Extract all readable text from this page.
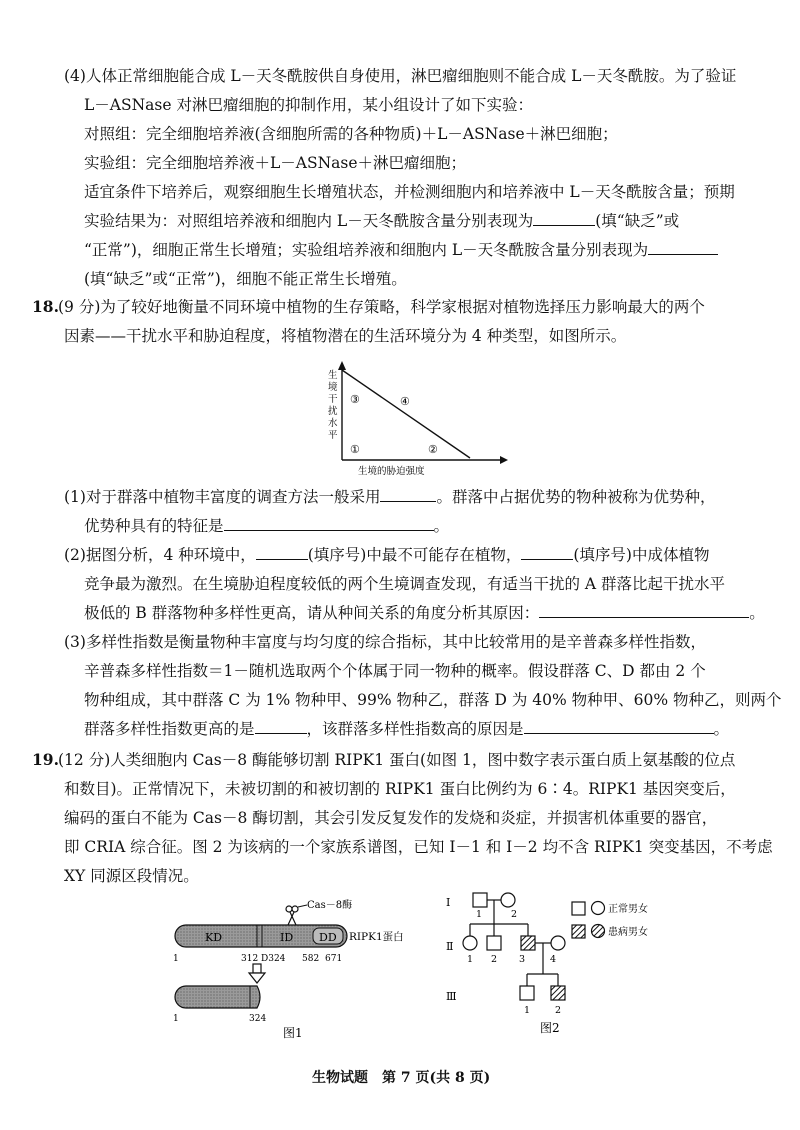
(4)人体正常细胞能合成 L－天冬酰胺供自身使用，淋巴瘤细胞则不能合成 L－天冬酰胺。为了验证
L－ASNase 对淋巴瘤细胞的抑制作用，某小组设计了如下实验：
对照组：完全细胞培养液(含细胞所需的各种物质)＋L－ASNase＋淋巴细胞；
实验组：完全细胞培养液＋L－ASNase＋淋巴瘤细胞；
适宜条件下培养后，观察细胞生长增殖状态，并检测细胞内和培养液中 L－天冬酰胺含量；预期
实验结果为：对照组培养液和细胞内 L－天冬酰胺含量分别表现为	(填“缺乏”或
“正常”)，细胞正常生长增殖；实验组培养液和细胞内 L－天冬酰胺含量分别表现为
(填“缺乏”或“正常”)，细胞不能正常生长增殖。
18. (9 分)为了较好地衡量不同环境中植物的生存策略，科学家根据对植物选择压力影响最大的两个
因素——干扰水平和胁迫程度，将植物潜在的生活环境分为 4 种类型，如图所示。
生
境
干
扰
水
平
生境的胁迫强度
①	②
③	④
(1)对于群落中植物丰富度的调查方法一般采用	。群落中占据优势的物种被称为优势种，
优势种具有的特征是	。
(2)据图分析，4 种环境中，	(填序号)中最不可能存在植物，	(填序号)中成体植物
竞争最为激烈。在生境胁迫程度较低的两个生境调查发现，有适当干扰的 A 群落比起干扰水平
极低的 B 群落物种多样性更高，请从种间关系的角度分析其原因：	。
(3)多样性指数是衡量物种丰富度与均匀度的综合指标，其中比较常用的是辛普森多样性指数，
辛普森多样性指数＝1－随机选取两个个体属于同一物种的概率。假设群落 C、D 都由 2 个
物种组成，其中群落 C 为 1% 物种甲、99% 物种乙，群落 D 为 40% 物种甲、60% 物种乙，则两个
群落多样性指数更高的是	，该群落多样性指数高的原因是	。
19. (12 分)人类细胞内 Cas－8 酶能够切割 RIPK1 蛋白(如图 1，图中数字表示蛋白质上氨基酸的位点
和数目)。正常情况下，未被切割的和被切割的 RIPK1 蛋白比例约为 6∶4。RIPK1 基因突变后，
编码的蛋白不能为 Cas－8 酶切割，其会引发反复发作的发烧和炎症，并损害机体重要的器官，
即 CRIA 综合征。图 2 为该病的一个家族系谱图，已知 Ⅰ－1 和 Ⅰ－2 均不含 RIPK1 突变基因，不考虑
XY 同源区段情况。
Cas－8酶
KD	ID DD RIPK1蛋白
1	312 D324 582 671
1	324
图1
Ⅰ
Ⅱ
Ⅲ
1	2
1 2 3	4
1	2
正常男女
患病男女
图2
生物试题　第 7 页(共 8 页)
